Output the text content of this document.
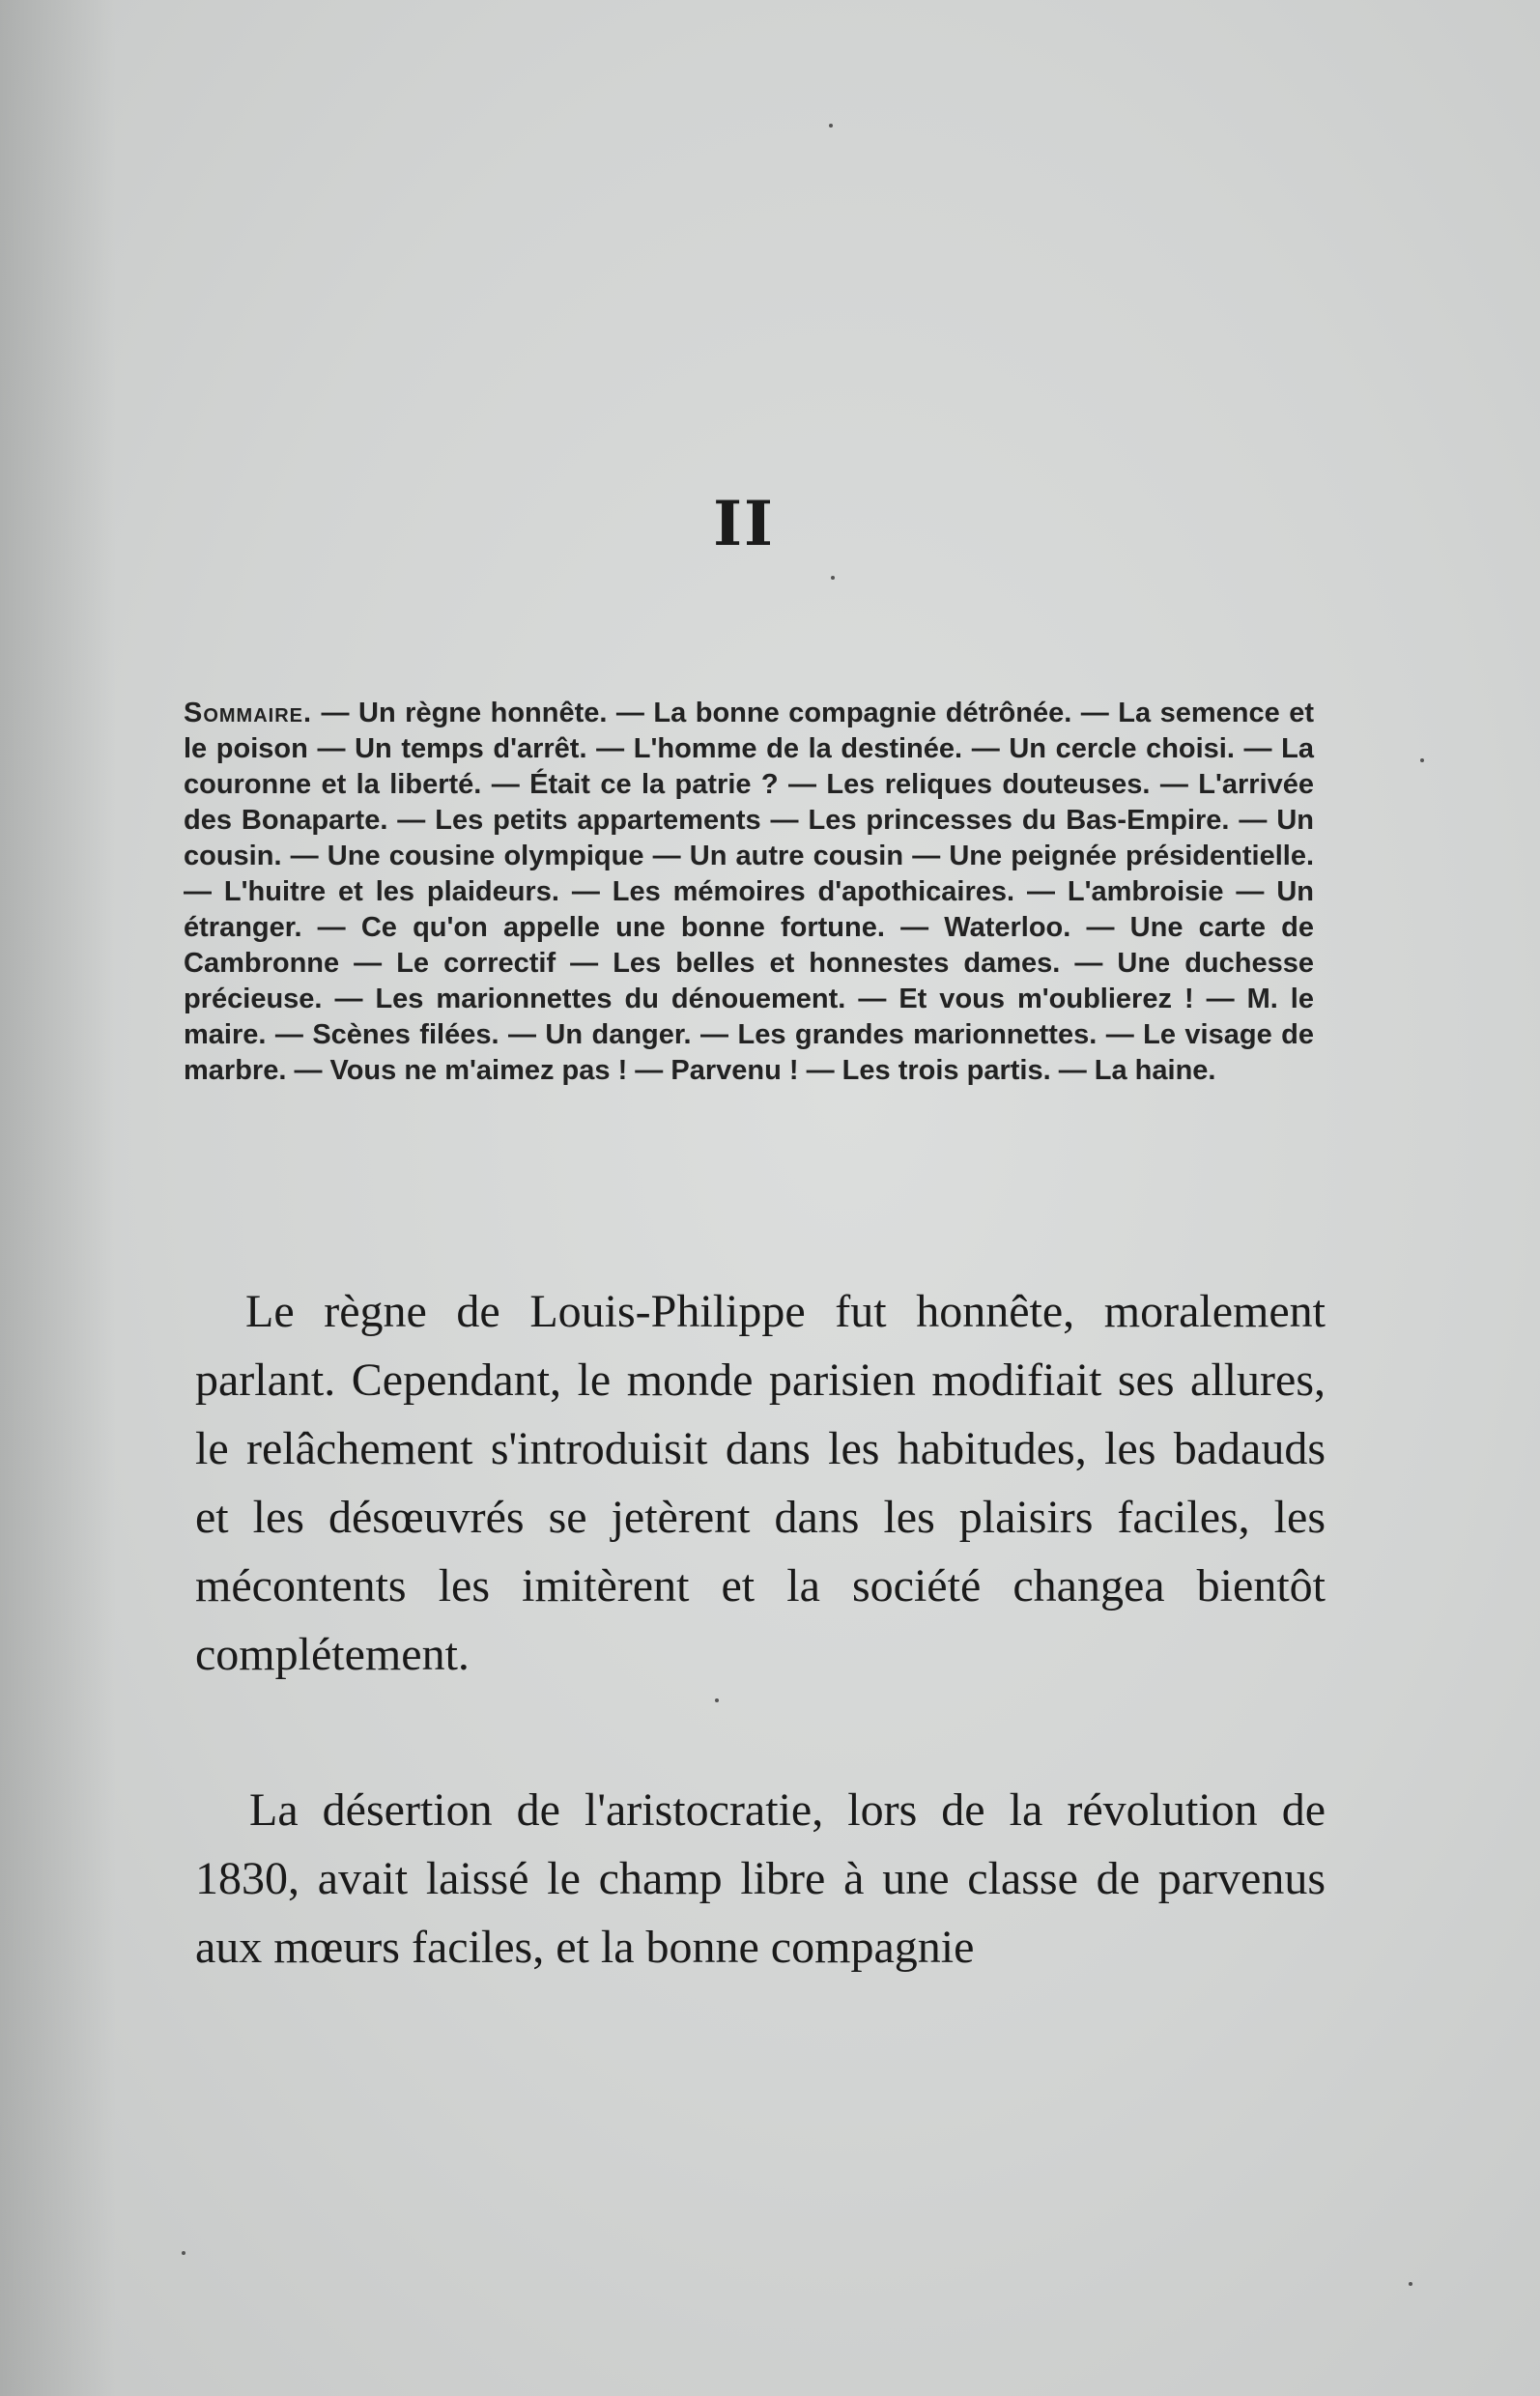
II
Sommaire. — Un règne honnête. — La bonne compagnie détrônée. — La semence et le poison — Un temps d'arrêt. — L'homme de la destinée. — Un cercle choisi. — La couronne et la liberté. — Était ce la patrie ? — Les reliques douteuses. — L'arrivée des Bonaparte. — Les petits appartements — Les princesses du Bas-Empire. — Un cousin. — Une cousine olympique — Un autre cousin — Une peignée présidentielle. — L'huitre et les plaideurs. — Les mémoires d'apothicaires. — L'ambroisie — Un étranger. — Ce qu'on appelle une bonne fortune. — Waterloo. — Une carte de Cambronne — Le correctif — Les belles et honnestes dames. — Une duchesse précieuse. — Les marionnettes du dénouement. — Et vous m'oublierez ! — M. le maire. — Scènes filées. — Un danger. — Les grandes marionnettes. — Le visage de marbre. — Vous ne m'aimez pas ! — Parvenu ! — Les trois partis. — La haine.
Le règne de Louis-Philippe fut honnête, moralement parlant. Cependant, le monde parisien modifiait ses allures, le relâchement s'introduisit dans les habitudes, les badauds et les désœuvrés se jetèrent dans les plaisirs faciles, les mécontents les imitèrent et la société changea bientôt complétement.
La désertion de l'aristocratie, lors de la révolution de 1830, avait laissé le champ libre à une classe de parvenus aux mœurs faciles, et la bonne compagnie
